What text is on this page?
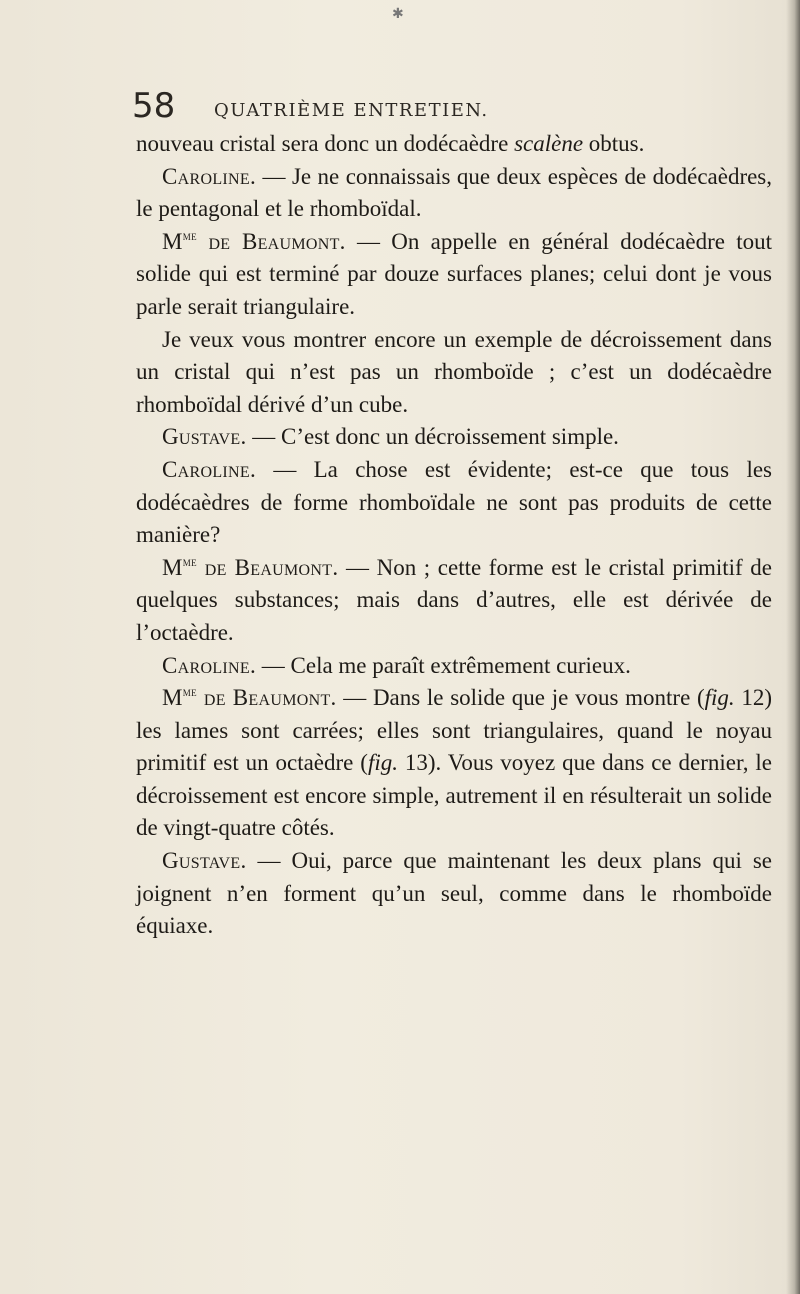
✱
58 QUATRIÈME ENTRETIEN.

nouveau cristal sera donc un dodécaèdre scalène obtus.

Caroline. — Je ne connaissais que deux espèces de dodécaèdres, le pentagonal et le rhomboïdal.

$M^{me}$ de Beaumont. — On appelle en général dodécaèdre tout solide qui est terminé par douze surfaces planes; celui dont je vous parle serait triangulaire.

Je veux vous montrer encore un exemple de décroissement dans un cristal qui n’est pas un rhomboïde ; c’est un dodécaèdre rhomboïdal dérivé d’un cube.

Gustave. — C’est donc un décroissement simple.

Caroline. — La chose est évidente; est-ce que tous les dodécaèdres de forme rhomboïdale ne sont pas produits de cette manière?

$M^{me}$ de Beaumont. — Non ; cette forme est le cristal primitif de quelques substances; mais dans d’autres, elle est dérivée de l’octaèdre.

Caroline. — Cela me paraît extrêmement curieux.

$M^{me}$ de Beaumont. — Dans le solide que je vous montre (fig. 12) les lames sont carrées; elles sont triangulaires, quand le noyau primitif est un octaèdre (fig. 13). Vous voyez que dans ce dernier, le décroissement est encore simple, autrement il en résulterait un solide de vingt-quatre côtés.

Gustave. — Oui, parce que maintenant les deux plans qui se joignent n’en forment qu’un seul, comme dans le rhomboïde équiaxe.
